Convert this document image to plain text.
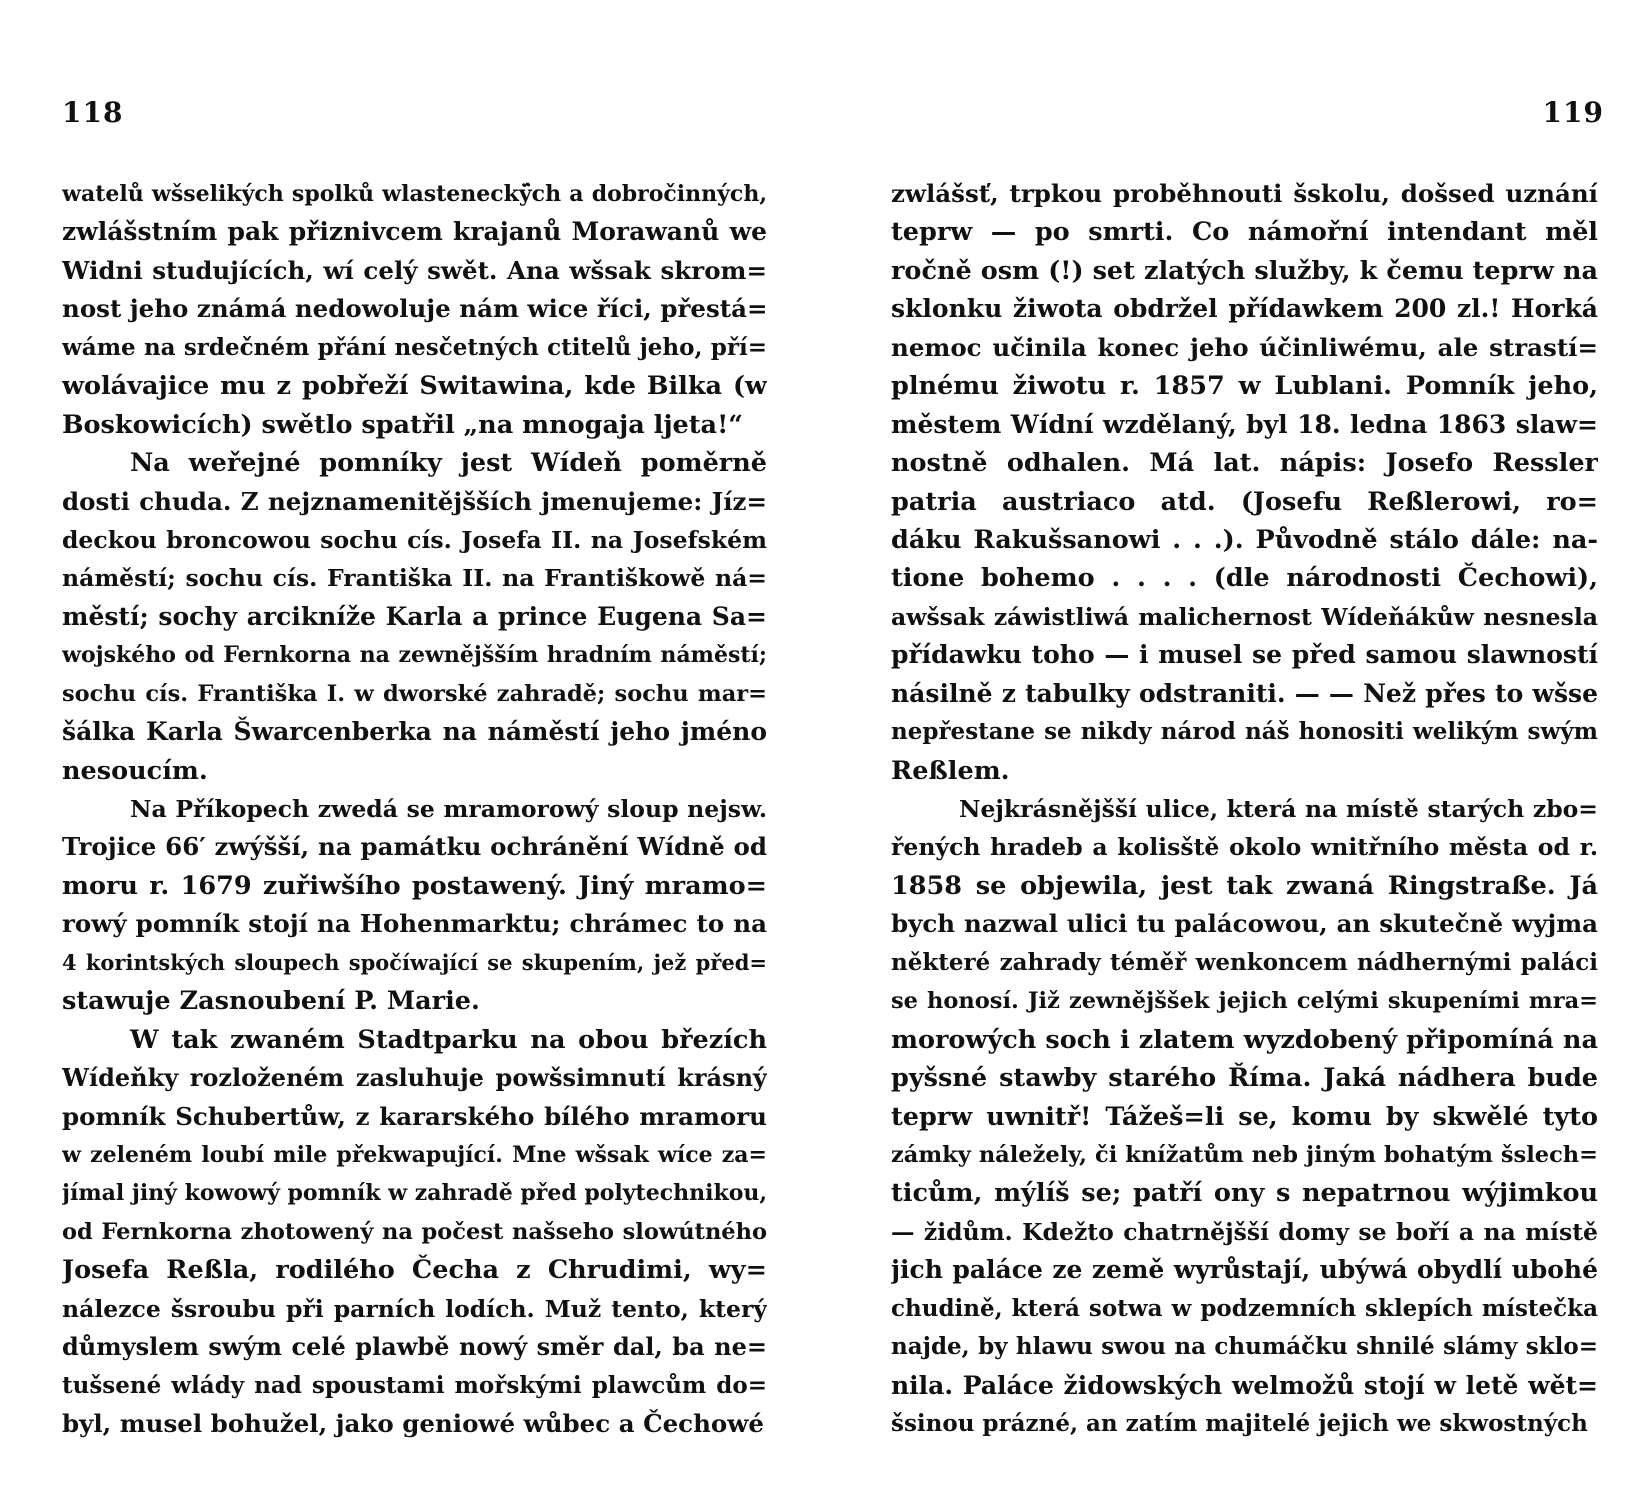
118
watelů wšselikých spolků wlastenecký̈ch a dobročinných,
zwlášstním pak přiznivcem krajanů Morawanů we
Widni studujících, wí celý swět. Ana wšsak skrom=
nost jeho známá nedowoluje nám wice říci, přestá=
wáme na srdečném přání nesčetných ctitelů jeho, pří=
wolávajice mu z pobřeží Switawina, kde Bilka (w
Boskowicích) swětlo spatřil „na mnogaja ljeta!“
Na weřejné pomníky jest Wídeň poměrně
dosti chuda. Z nejznamenitějšších jmenujeme: Jíz=
deckou broncowou sochu cís. Josefa II. na Josefském
náměstí; sochu cís. Františka II. na Františkowě ná=
městí; sochy arcikníže Karla a prince Eugena Sa=
wojského od Fernkorna na zewnějšším hradním náměstí;
sochu cís. Františka I. w dworské zahradě; sochu mar=
šálka Karla Šwarcenberka na náměstí jeho jméno
nesoucím.
Na Příkopech zwedá se mramorowý sloup nejsw.
Trojice 66′ zwýšší, na památku ochránění Wídně od
moru r. 1679 zuřiwšího postawený. Jiný mramo=
rowý pomník stojí na Hohenmarktu; chrámec to na
4 korintských sloupech spočíwající se skupením, jež před=
stawuje Zasnoubení P. Marie.
W tak zwaném Stadtparku na obou březích
Wídeňky rozloženém zasluhuje powšsimnutí krásný
pomník Schubertůw, z kararského bílého mramoru
w zeleném loubí mile překwapující. Mne wšsak wíce za=
jímal jiný kowowý pomník w zahradě před polytechnikou,
od Fernkorna zhotowený na počest našseho slowútného
Josefa Reßla, rodilého Čecha z Chrudimi, wy=
nálezce šsroubu při parních lodích. Muž tento, který
důmyslem swým celé plawbě nowý směr dal, ba ne=
tušsené wlády nad spoustami mořskými plawcům do=
byl, musel bohužel, jako geniowé wůbec a Čechowé
119
zwlášsť, trpkou proběhnouti šskolu, došsed uznání
teprw — po smrti. Co námořní intendant měl
ročně osm (!) set zlatých služby, k čemu teprw na
sklonku žiwota obdržel přídawkem 200 zl.! Horká
nemoc učinila konec jeho účinliwému, ale strastí=
plnému žiwotu r. 1857 w Lublani. Pomník jeho,
městem Wídní wzdělaný, byl 18. ledna 1863 slaw=
nostně odhalen. Má lat. nápis: Josefo Ressler
patria austriaco atd. (Josefu Reßlerowi, ro=
dáku Rakušsanowi . . .). Původně stálo dále: na-
tione bohemo . . . . (dle národnosti Čechowi),
awšsak záwistliwá malichernost Wídeňákůw nesnesla
přídawku toho — i musel se před samou slawností
násilně z tabulky odstraniti. — — Než přes to wšse
nepřestane se nikdy národ náš honositi welikým swým
Reßlem.
Nejkrásnějšší ulice, která na místě starých zbo=
řených hradeb a kolisště okolo wnitřního města od r.
1858 se objewila, jest tak zwaná Ringstraße. Já
bych nazwal ulici tu palácowou, an skutečně wyjma
některé zahrady téměř wenkoncem nádhernými paláci
se honosí. Již zewnějššek jejich celými skupeními mra=
morowých soch i zlatem wyzdobený připomíná na
pyšsné stawby starého Říma. Jaká nádhera bude
teprw uwnitř! Tážeš=li se, komu by skwělé tyto
zámky náležely, či knížatům neb jiným bohatým šslech=
ticům, mýlíš se; patří ony s nepatrnou wýjimkou
— židům. Kdežto chatrnějšší domy se boří a na místě
jich paláce ze země wyrůstají, ubýwá obydlí ubohé
chudině, která sotwa w podzemních sklepích místečka
najde, by hlawu swou na chumáčku shnilé slámy sklo=
nila. Paláce židowských welmožů stojí w letě wět=
šsinou prázné, an zatím majitelé jejich we skwostných
